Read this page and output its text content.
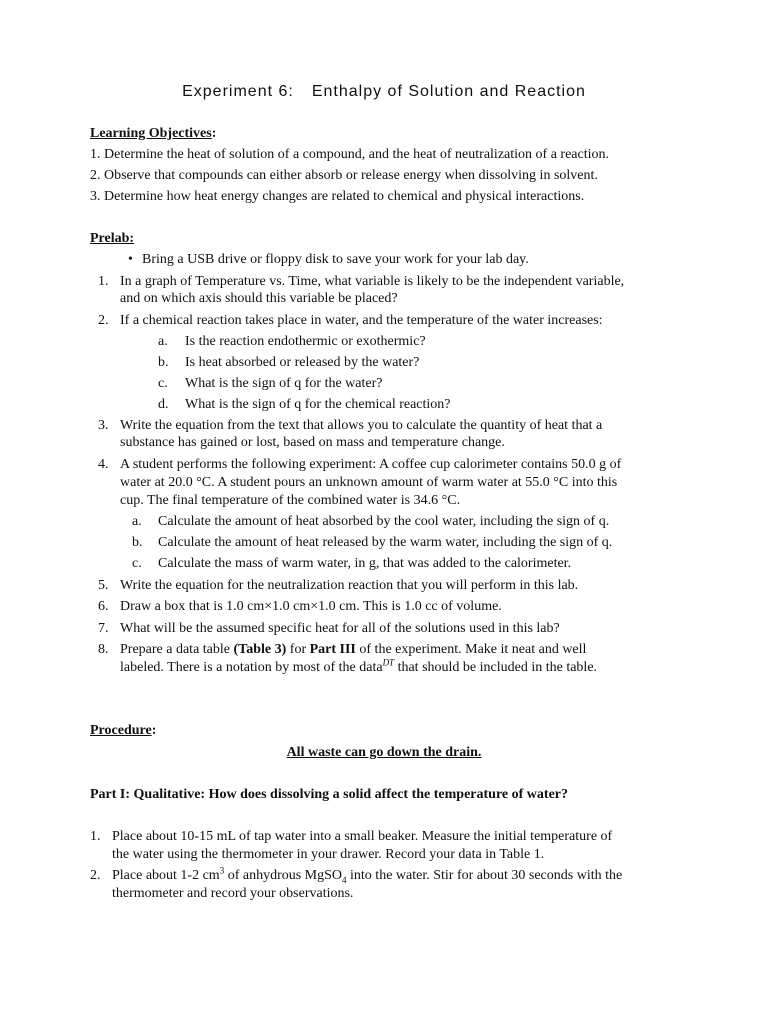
Experiment 6: Enthalpy of Solution and Reaction
Learning Objectives:
1. Determine the heat of solution of a compound, and the heat of neutralization of a reaction.
2. Observe that compounds can either absorb or release energy when dissolving in solvent.
3. Determine how heat energy changes are related to chemical and physical interactions.
Prelab:
• Bring a USB drive or floppy disk to save your work for your lab day.
1. In a graph of Temperature vs. Time, what variable is likely to be the independent variable,
and on which axis should this variable be placed?
2. If a chemical reaction takes place in water, and the temperature of the water increases:
a. Is the reaction endothermic or exothermic?
b. Is heat absorbed or released by the water?
c. What is the sign of q for the water?
d. What is the sign of q for the chemical reaction?
3. Write the equation from the text that allows you to calculate the quantity of heat that a
substance has gained or lost, based on mass and temperature change.
4. A student performs the following experiment: A coffee cup calorimeter contains 50.0 g of
water at 20.0 °C. A student pours an unknown amount of warm water at 55.0 °C into this
cup. The final temperature of the combined water is 34.6 °C.
a. Calculate the amount of heat absorbed by the cool water, including the sign of q.
b. Calculate the amount of heat released by the warm water, including the sign of q.
c. Calculate the mass of warm water, in g, that was added to the calorimeter.
5. Write the equation for the neutralization reaction that you will perform in this lab.
6. Draw a box that is 1.0 cm×1.0 cm×1.0 cm. This is 1.0 cc of volume.
7. What will be the assumed specific heat for all of the solutions used in this lab?
8. Prepare a data table (Table 3) for Part III of the experiment. Make it neat and well
labeled. There is a notation by most of the data$^{DT}$ that should be included in the table.
Procedure:
All waste can go down the drain.
Part I: Qualitative: How does dissolving a solid affect the temperature of water?
1. Place about 10-15 mL of tap water into a small beaker. Measure the initial temperature of
the water using the thermometer in your drawer. Record your data in Table 1.
2. Place about 1-2 $cm^3$ of anhydrous MgSO$_4$ into the water. Stir for about 30 seconds with the
thermometer and record your observations.
